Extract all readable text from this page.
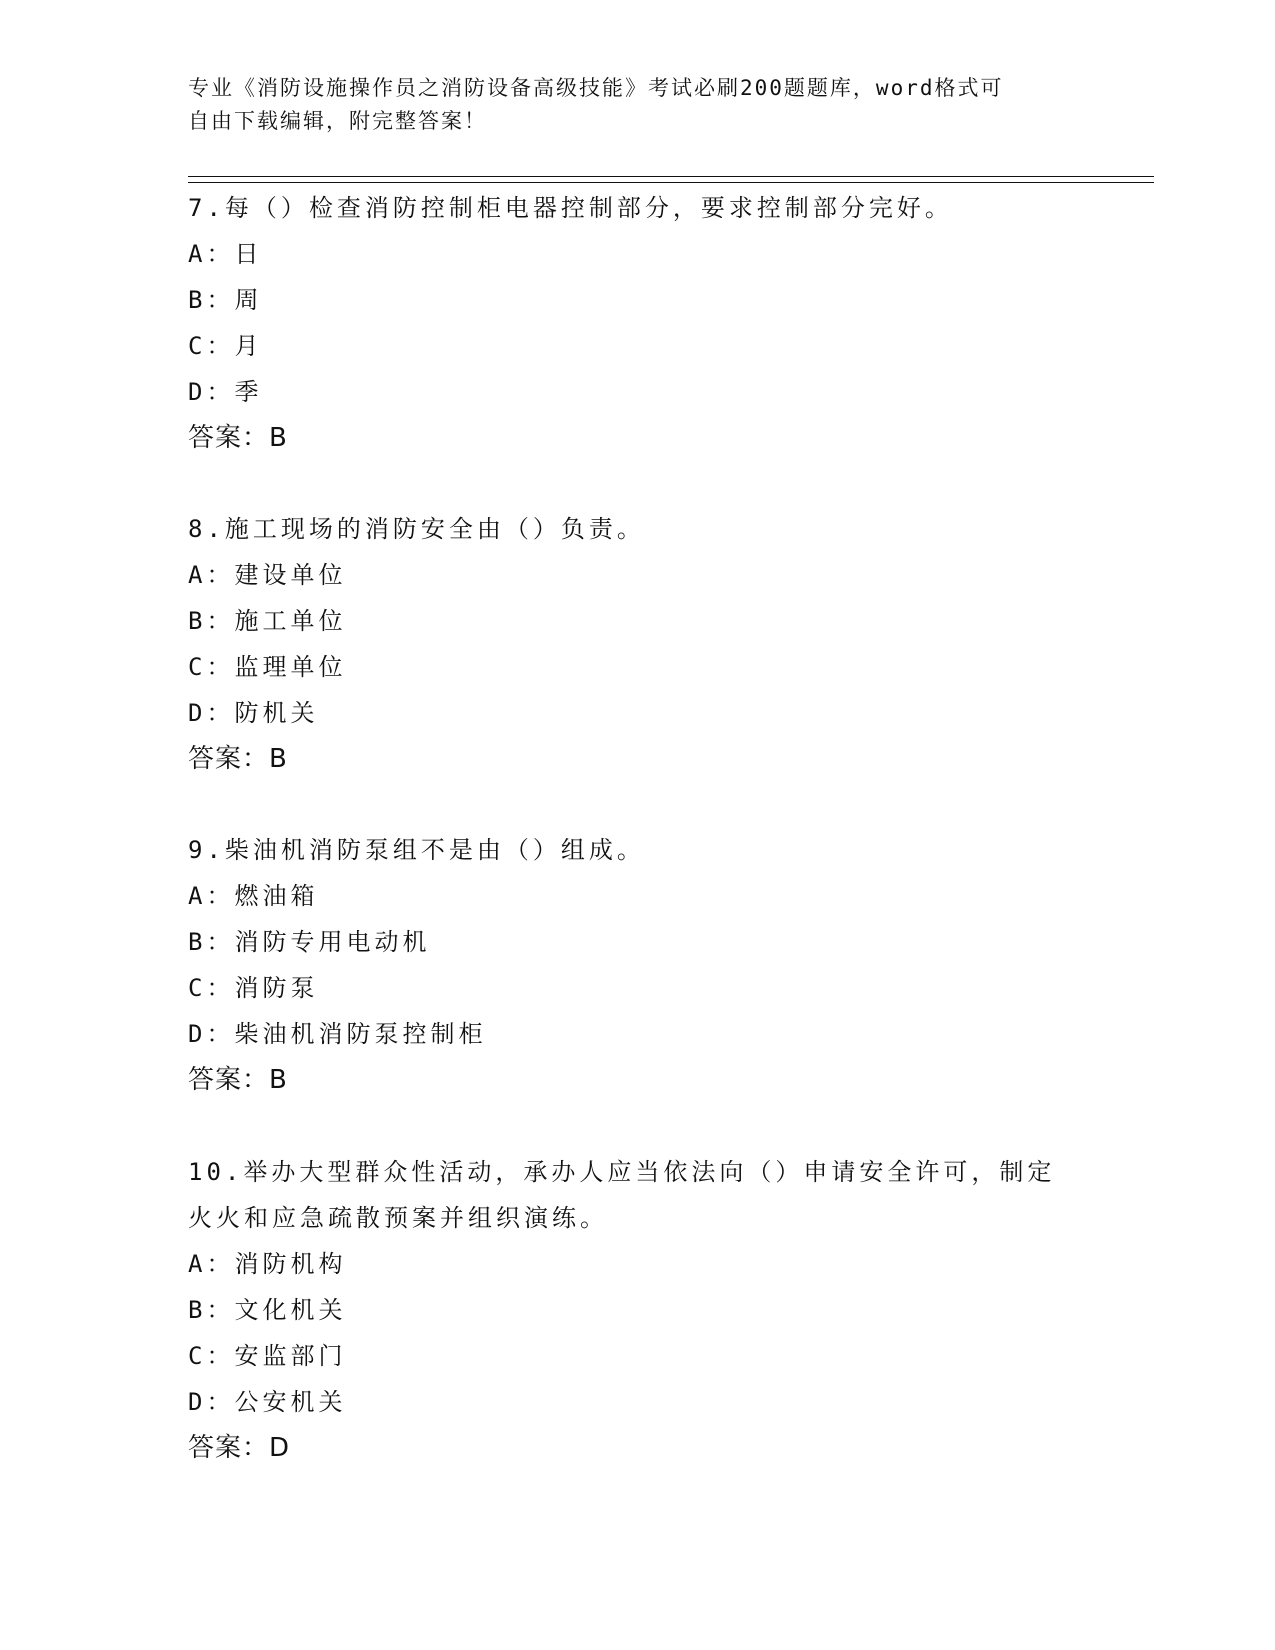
专业《消防设施操作员之消防设备高级技能》考试必刷200题题库，word格式可
自由下载编辑，附完整答案！
7.每（）检查消防控制柜电器控制部分，要求控制部分完好。
A：日
B：周
C：月
D：季
答案：B
8.施工现场的消防安全由（）负责。
A：建设单位
B：施工单位
C：监理单位
D：防机关
答案：B
9.柴油机消防泵组不是由（）组成。
A：燃油箱
B：消防专用电动机
C：消防泵
D：柴油机消防泵控制柜
答案：B
10.举办大型群众性活动，承办人应当依法向（）申请安全许可，制定
火火和应急疏散预案并组织演练。
A：消防机构
B：文化机关
C：安监部门
D：公安机关
答案：D
